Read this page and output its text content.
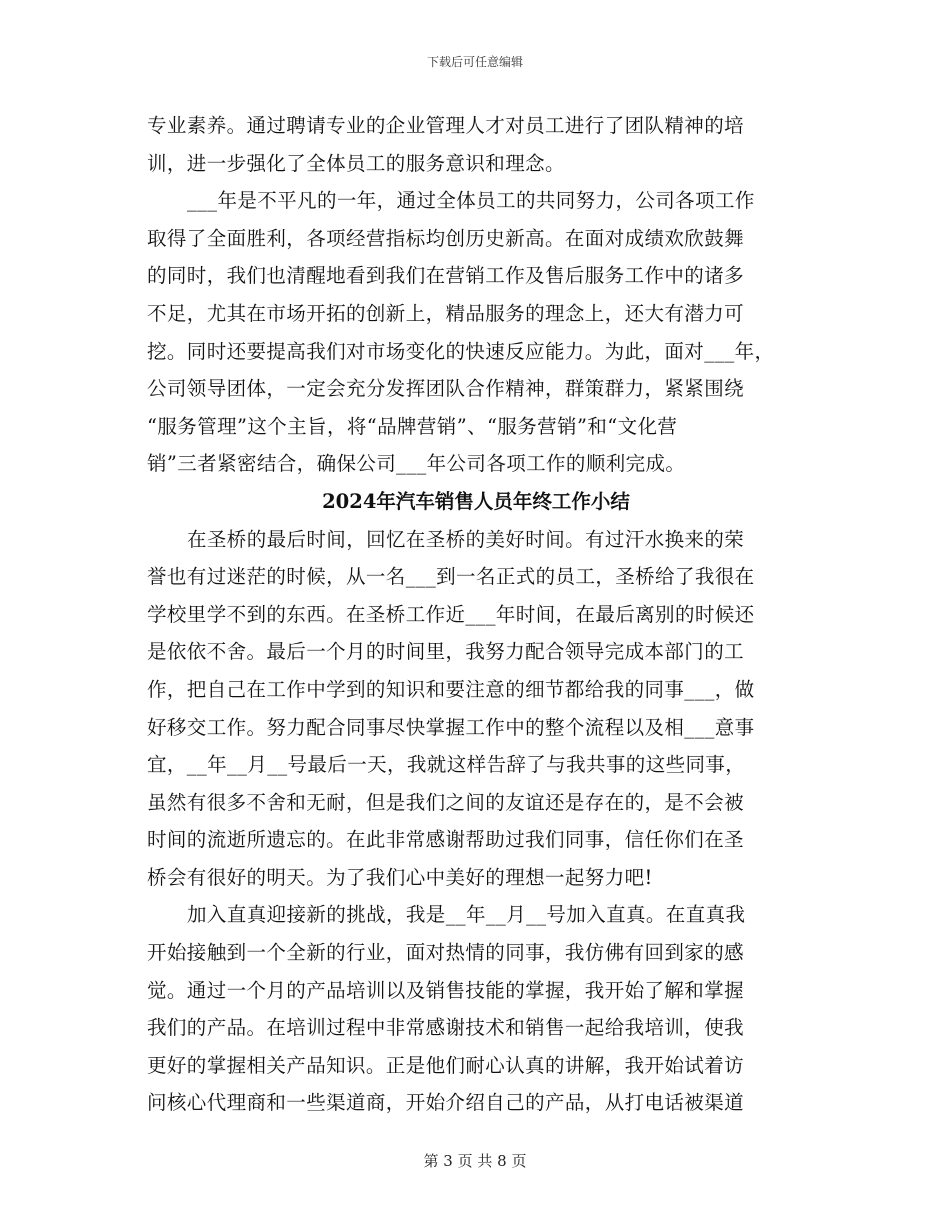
下载后可任意编辑
专业素养。通过聘请专业的企业管理人才对员工进行了团队精神的培
训，进一步强化了全体员工的服务意识和理念。
___年是不平凡的一年，通过全体员工的共同努力，公司各项工作
取得了全面胜利，各项经营指标均创历史新高。在面对成绩欢欣鼓舞
的同时，我们也清醒地看到我们在营销工作及售后服务工作中的诸多
不足，尤其在市场开拓的创新上，精品服务的理念上，还大有潜力可
挖。同时还要提高我们对市场变化的快速反应能力。为此，面对___年，
公司领导团体，一定会充分发挥团队合作精神，群策群力，紧紧围绕
“服务管理”这个主旨，将“品牌营销”、“服务营销”和“文化营
销”三者紧密结合，确保公司___年公司各项工作的顺利完成。
2024年汽车销售人员年终工作小结
在圣桥的最后时间，回忆在圣桥的美好时间。有过汗水换来的荣
誉也有过迷茫的时候，从一名___到一名正式的员工，圣桥给了我很在
学校里学不到的东西。在圣桥工作近___年时间，在最后离别的时候还
是依依不舍。最后一个月的时间里，我努力配合领导完成本部门的工
作，把自己在工作中学到的知识和要注意的细节都给我的同事___，做
好移交工作。努力配合同事尽快掌握工作中的整个流程以及相___意事
宜，__年__月__号最后一天，我就这样告辞了与我共事的这些同事，
虽然有很多不舍和无耐，但是我们之间的友谊还是存在的，是不会被
时间的流逝所遗忘的。在此非常感谢帮助过我们同事，信任你们在圣
桥会有很好的明天。为了我们心中美好的理想一起努力吧!
加入直真迎接新的挑战，我是__年__月__号加入直真。在直真我
开始接触到一个全新的行业，面对热情的同事，我仿佛有回到家的感
觉。通过一个月的产品培训以及销售技能的掌握，我开始了解和掌握
我们的产品。在培训过程中非常感谢技术和销售一起给我培训，使我
更好的掌握相关产品知识。正是他们耐心认真的讲解，我开始试着访
问核心代理商和一些渠道商，开始介绍自己的产品，从打电话被渠道
第 3 页 共 8 页
